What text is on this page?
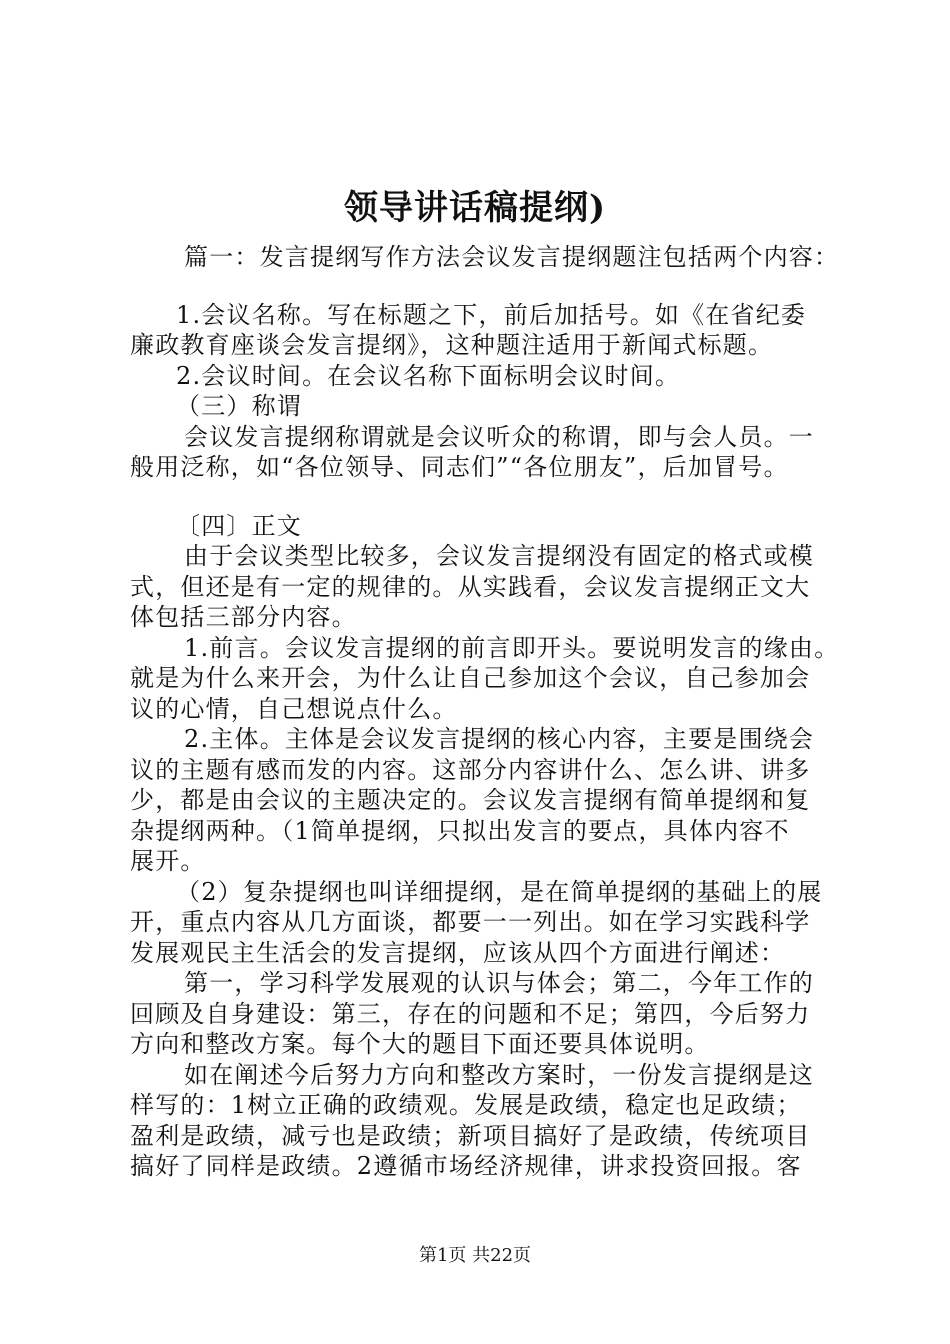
领导讲话稿提纲)
篇一：发言提纲写作方法会议发言提纲题注包括两个内容：
1.会议名称。写在标题之下，前后加括号。如《在省纪委
廉政教育座谈会发言提纲》，这种题注适用于新闻式标题。
2.会议时间。在会议名称下面标明会议时间。
（三）称谓
会议发言提纲称谓就是会议听众的称谓，即与会人员。一
般用泛称，如“各位领导、同志们”“各位朋友”，后加冒号。
〔四〕正文
由于会议类型比较多，会议发言提纲没有固定的格式或模
式，但还是有一定的规律的。从实践看，会议发言提纲正文大
体包括三部分内容。
1.前言。会议发言提纲的前言即开头。要说明发言的缘由。
就是为什么来开会，为什么让自己参加这个会议，自己参加会
议的心情，自己想说点什么。
2.主体。主体是会议发言提纲的核心内容，主要是围绕会
议的主题有感而发的内容。这部分内容讲什么、怎么讲、讲多
少，都是由会议的主题决定的。会议发言提纲有简单提纲和复
杂提纲两种。（1简单提纲，只拟出发言的要点，具体内容不
展开。
（2）复杂提纲也叫详细提纲，是在简单提纲的基础上的展
开，重点内容从几方面谈，都要一一列出。如在学习实践科学
发展观民主生活会的发言提纲，应该从四个方面进行阐述：
第一，学习科学发展观的认识与体会；第二，今年工作的
回顾及自身建设：第三，存在的问题和不足；第四，今后努力
方向和整改方案。每个大的题目下面还要具体说明。
如在阐述今后努力方向和整改方案时，一份发言提纲是这
样写的：1树立正确的政绩观。发展是政绩，稳定也足政绩；
盈利是政绩，减亏也是政绩；新项目搞好了是政绩，传统项目
搞好了同样是政绩。2遵循市场经济规律，讲求投资回报。客
第1页 共22页
